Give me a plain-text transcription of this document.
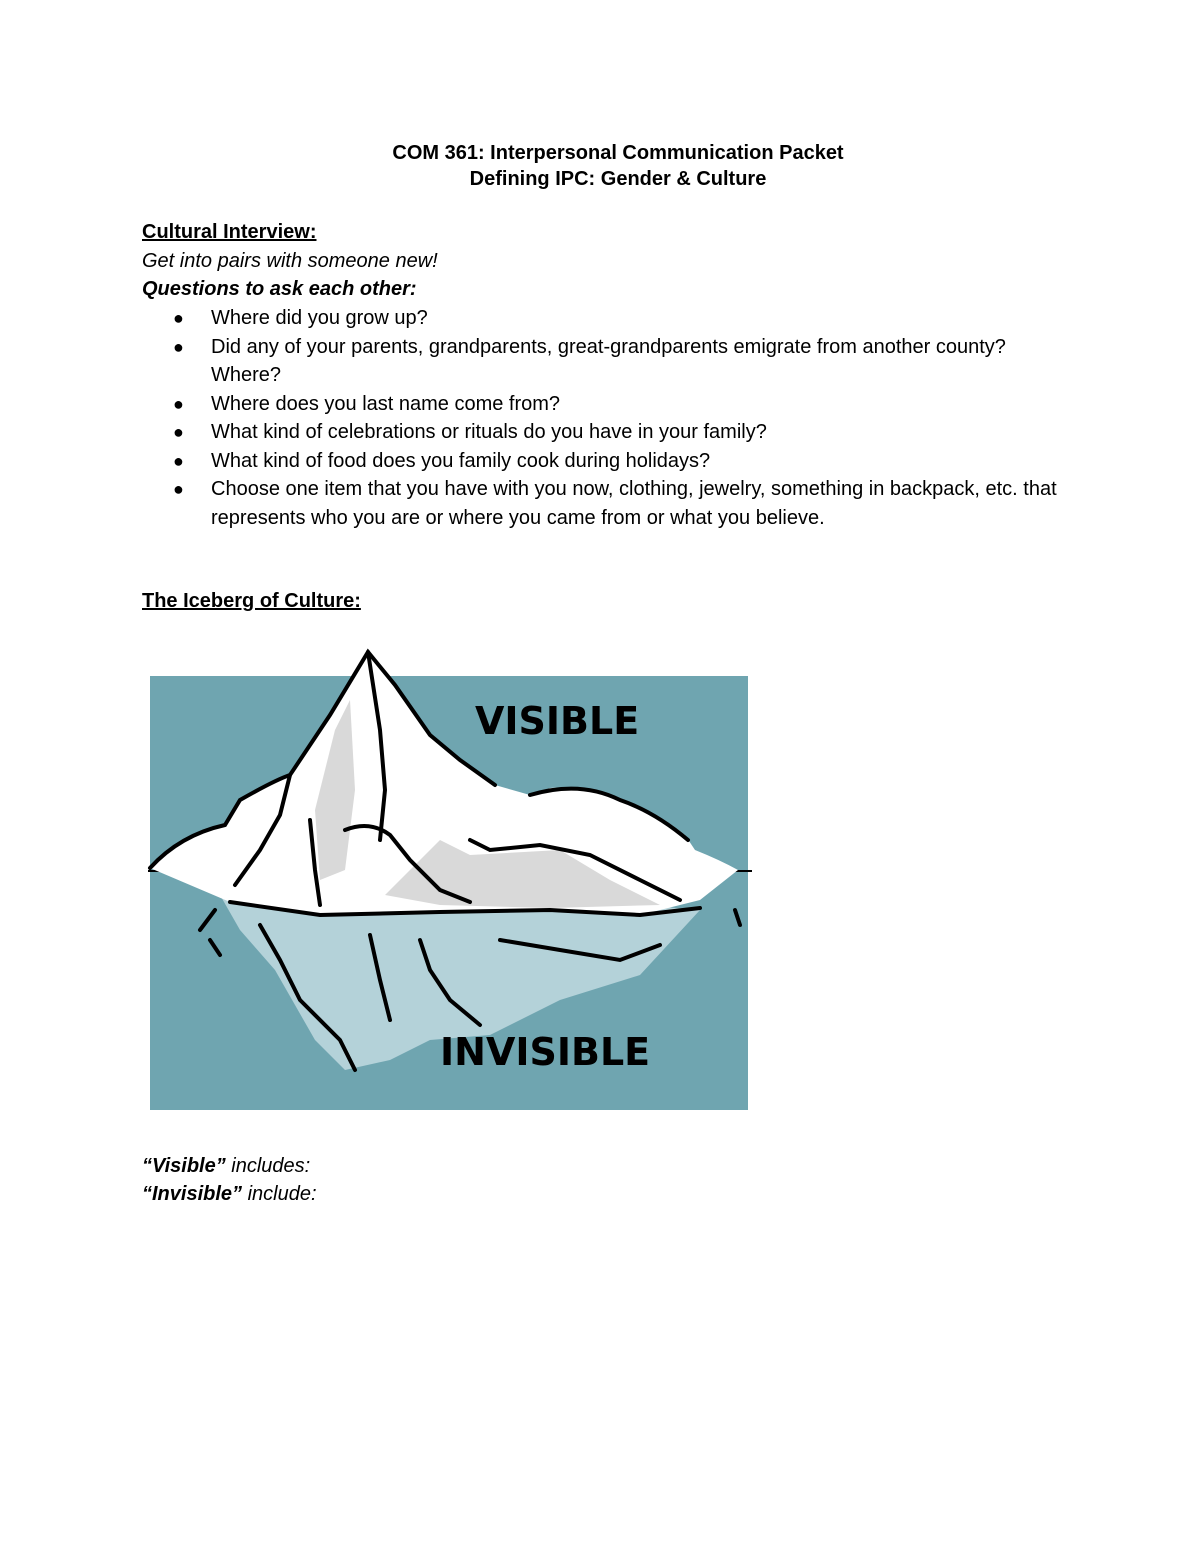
COM 361: Interpersonal Communication Packet
Defining IPC: Gender & Culture
Cultural Interview:
Get into pairs with someone new!
Questions to ask each other:
● Where did you grow up?
● Did any of your parents, grandparents, great-grandparents emigrate from another county? Where?
● Where does you last name come from?
● What kind of celebrations or rituals do you have in your family?
● What kind of food does you family cook during holidays?
● Choose one item that you have with you now, clothing, jewelry, something in backpack, etc. that represents who you are or where you came from or what you believe.
The Iceberg of Culture:
VISIBLE
INVISIBLE
“Visible” includes:
“Invisible” include:
